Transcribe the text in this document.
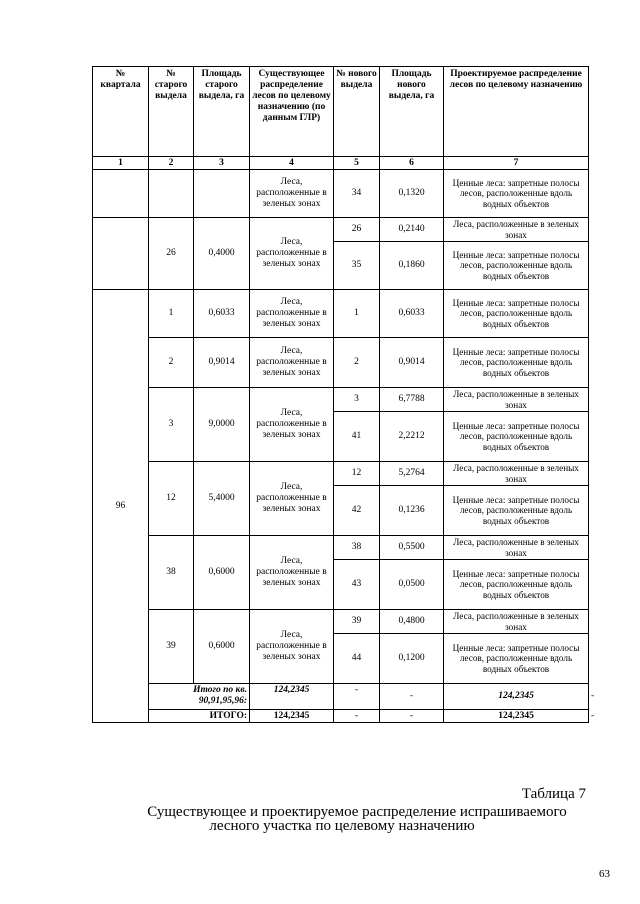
№ квартала	№ старого выдела	Площадь старого выдела, га	Существующее распределение лесов по целевому назначению (по данным ГЛР)	№ нового выдела	Площадь нового выдела, га	Проектируемое распределение лесов по целевому назначению	
1	2	3	4	5	6	7	
			Леса, расположенные в зеленых зонах	34	0,1320	Ценные леса: запретные полосы лесов, расположенные вдоль водных объектов	
	26	0,4000	Леса, расположенные в зеленых зонах	26	0,2140	Леса, расположенные в зеленых зонах	
				35	0,1860	Ценные леса: запретные полосы лесов, расположенные вдоль водных объектов	
96	1	0,6033	Леса, расположенные в зеленых зонах	1	0,6033	Ценные леса: запретные полосы лесов, расположенные вдоль водных объектов	
	2	0,9014	Леса, расположенные в зеленых зонах	2	0,9014	Ценные леса: запретные полосы лесов, расположенные вдоль водных объектов	
	3	9,0000	Леса, расположенные в зеленых зонах	3	6,7788	Леса, расположенные в зеленых зонах	
				41	2,2212	Ценные леса: запретные полосы лесов, расположенные вдоль водных объектов	
	12	5,4000	Леса, расположенные в зеленых зонах	12	5,2764	Леса, расположенные в зеленых зонах	
				42	0,1236	Ценные леса: запретные полосы лесов, расположенные вдоль водных объектов	
	38	0,6000	Леса, расположенные в зеленых зонах	38	0,5500	Леса, расположенные в зеленых зонах	
				43	0,0500	Ценные леса: запретные полосы лесов, расположенные вдоль водных объектов	
	39	0,6000	Леса, расположенные в зеленых зонах	39	0,4800	Леса, расположенные в зеленых зонах	
				44	0,1200	Ценные леса: запретные полосы лесов, расположенные вдоль водных объектов	
	Итого по кв. 90,91,95,96:		124,2345	-	-	124,2345	-
	ИТОГО:		124,2345	-	-	124,2345	-
Таблица 7
Существующее и проектируемое распределение испрашиваемого
лесного участка по целевому назначению
63
